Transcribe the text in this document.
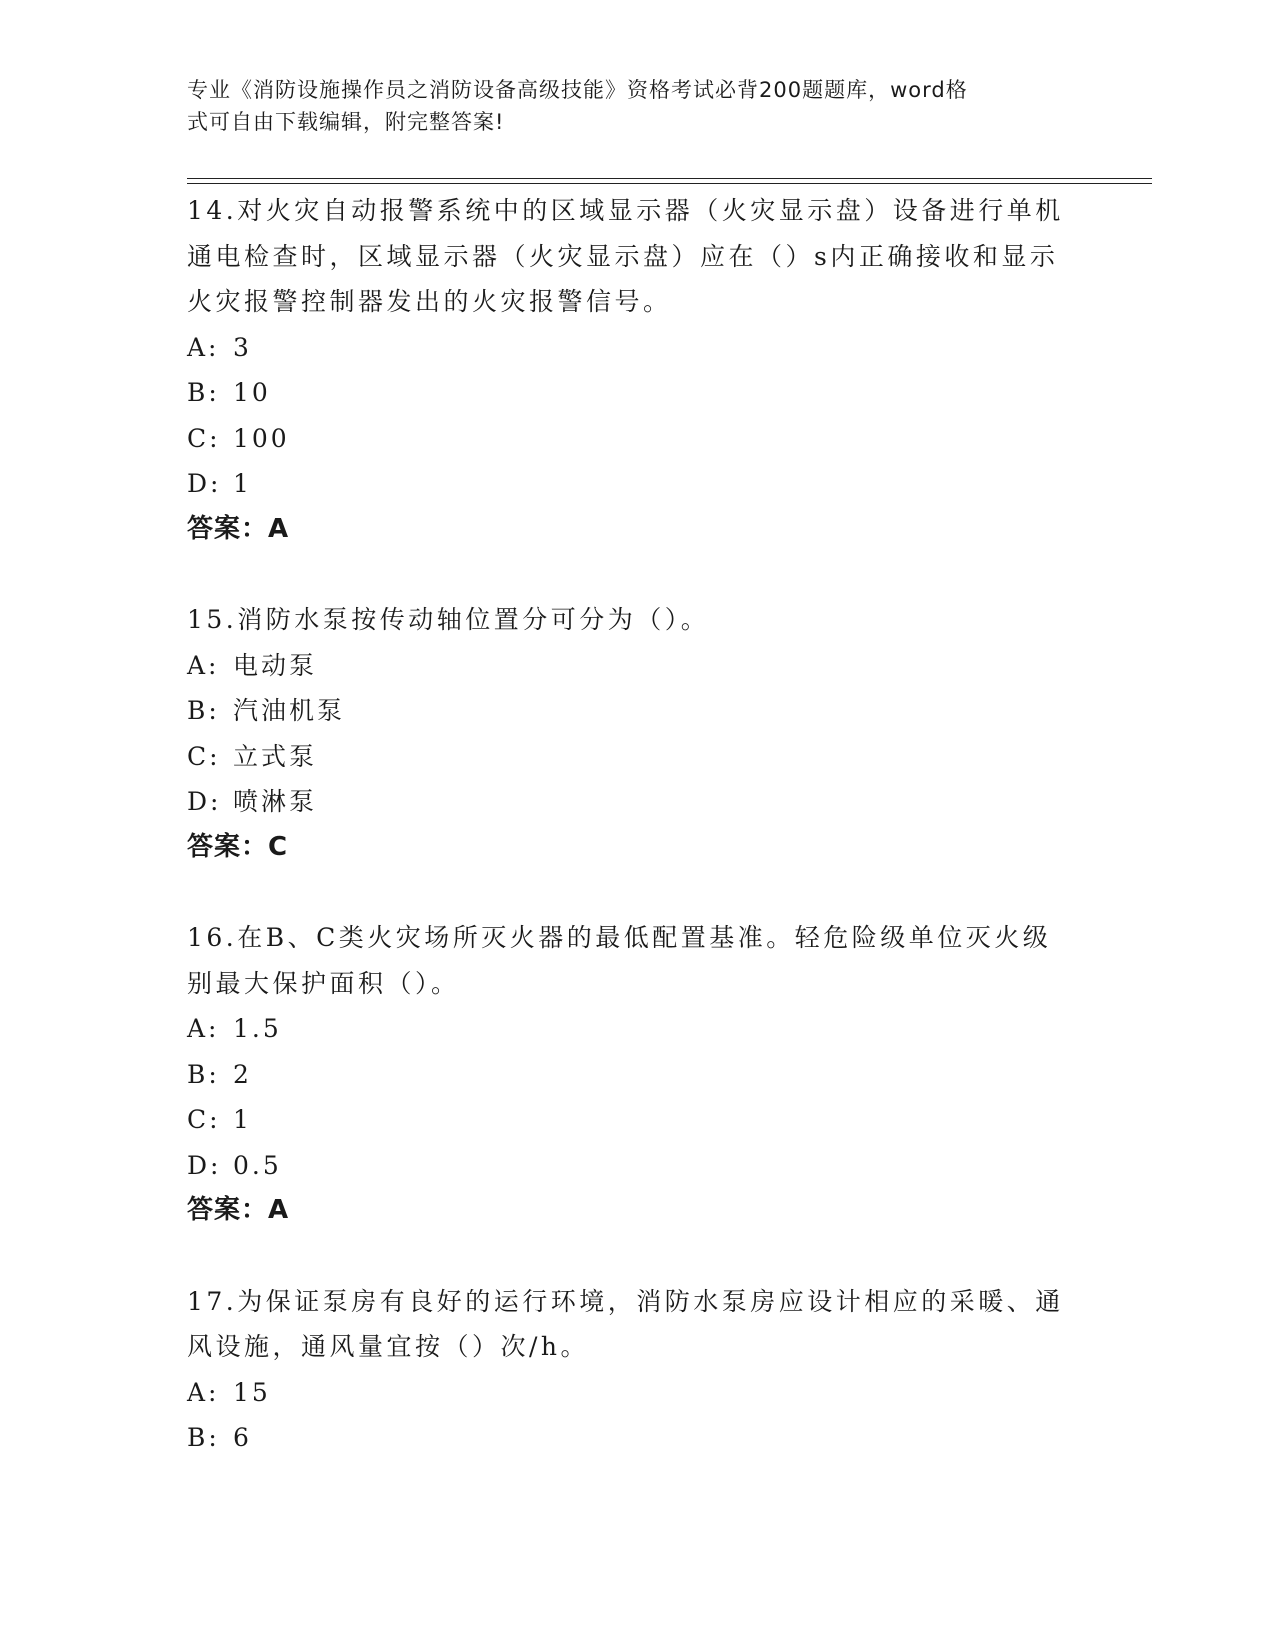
专业《消防设施操作员之消防设备高级技能》资格考试必背200题题库，word格
式可自由下载编辑，附完整答案!
14.对火灾自动报警系统中的区域显示器（火灾显示盘）设备进行单机
通电检查时，区域显示器（火灾显示盘）应在（）s内正确接收和显示
火灾报警控制器发出的火灾报警信号。
A: 3
B: 10
C: 100
D: 1
答案：A
15.消防水泵按传动轴位置分可分为（）。
A: 电动泵
B: 汽油机泵
C: 立式泵
D: 喷淋泵
答案：C
16.在B、C类火灾场所灭火器的最低配置基准。轻危险级单位灭火级
别最大保护面积（）。
A: 1.5
B: 2
C: 1
D: 0.5
答案：A
17.为保证泵房有良好的运行环境，消防水泵房应设计相应的采暖、通
风设施，通风量宜按（）次/h。
A: 15
B: 6
